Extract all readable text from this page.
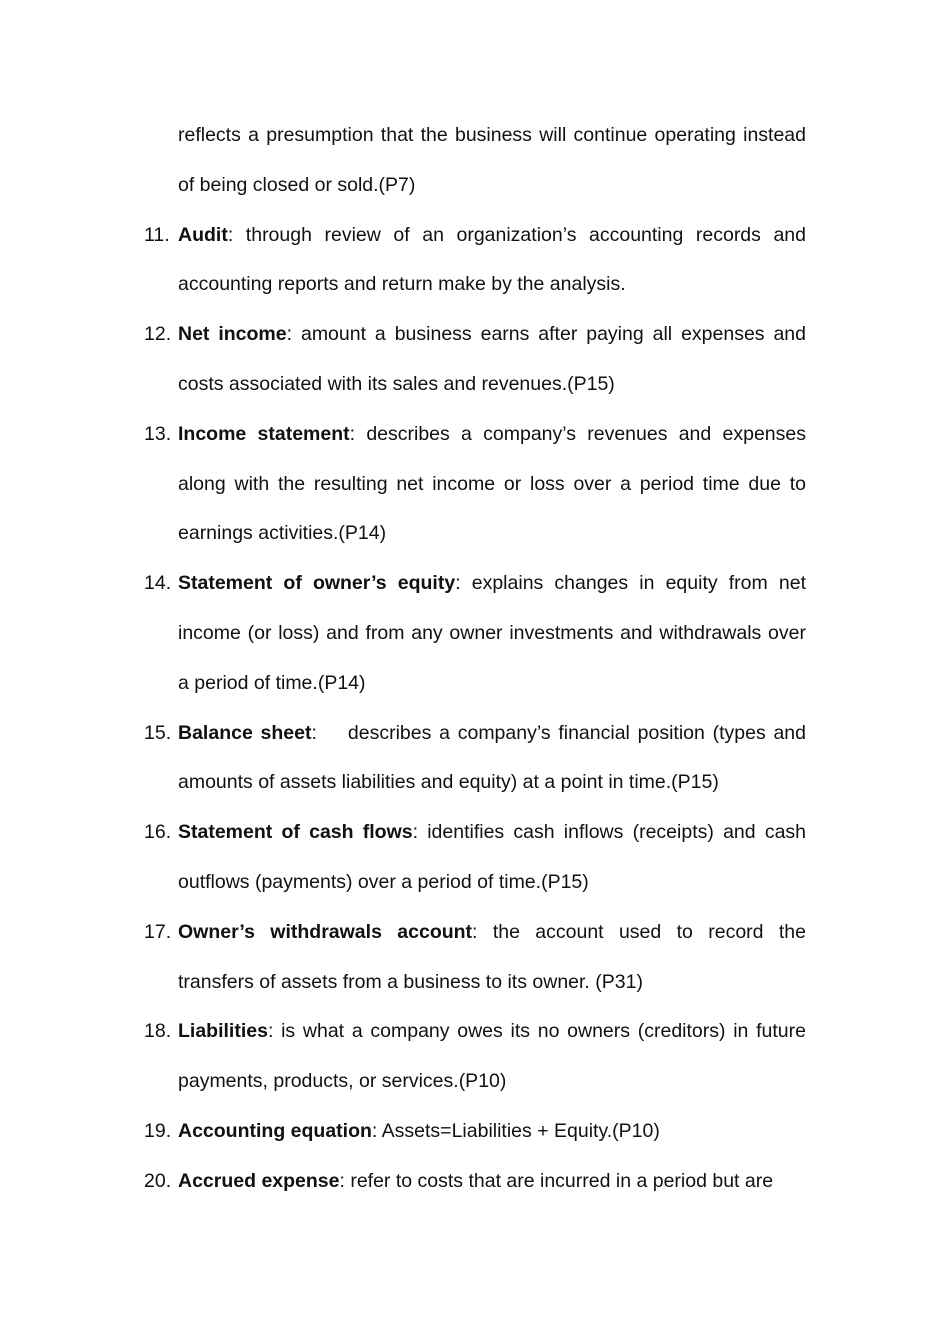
reflects a presumption that the business will continue operating instead of being closed or sold.(P7)

11. Audit: through review of an organization’s accounting records and accounting reports and return make by the analysis.
12. Net income: amount a business earns after paying all expenses and costs associated with its sales and revenues.(P15)
13. Income statement: describes a company’s revenues and expenses along with the resulting net income or loss over a period time due to earnings activities.(P14)
14. Statement of owner’s equity: explains changes in equity from net income (or loss) and from any owner investments and withdrawals over a period of time.(P14)
15. Balance sheet:    describes a company’s financial position (types and amounts of assets liabilities and equity) at a point in time.(P15)
16. Statement of cash flows: identifies cash inflows (receipts) and cash outflows (payments) over a period of time.(P15)
17. Owner’s withdrawals account: the account used to record the transfers of assets from a business to its owner. (P31)
18. Liabilities: is what a company owes its no owners (creditors) in future payments, products, or services.(P10)
19. Accounting equation: Assets=Liabilities + Equity.(P10)
20. Accrued expense: refer to costs that are incurred in a period but are
